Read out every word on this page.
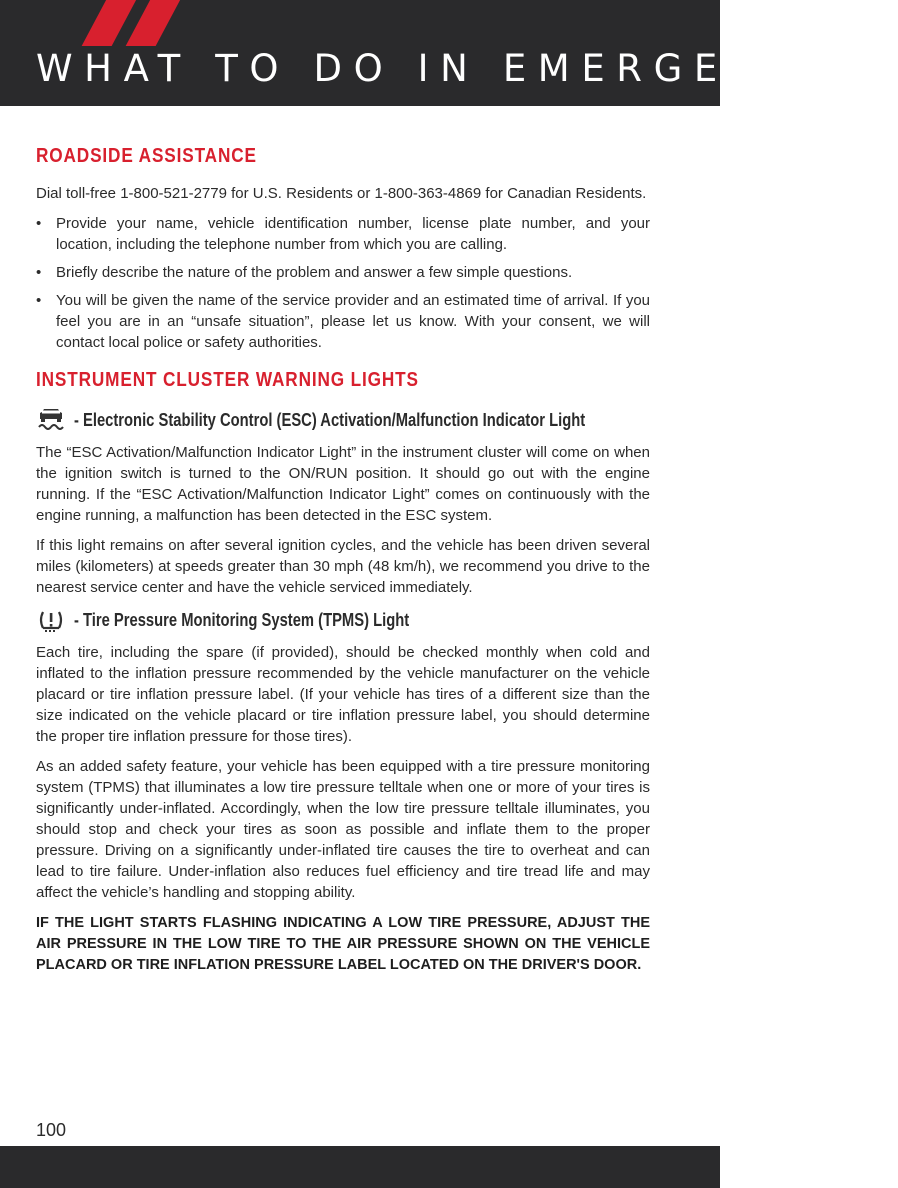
WHAT TO DO IN EMERGENCIES
ROADSIDE ASSISTANCE

Dial toll-free 1-800-521-2779 for U.S. Residents or 1-800-363-4869 for Canadian Residents.

• Provide your name, vehicle identification number, license plate number, and your location, including the telephone number from which you are calling.
• Briefly describe the nature of the problem and answer a few simple questions.
• You will be given the name of the service provider and an estimated time of arrival. If you feel you are in an “unsafe situation”, please let us know. With your consent, we will contact local police or safety authorities.
INSTRUMENT CLUSTER WARNING LIGHTS
- Electronic Stability Control (ESC) Activation/Malfunction Indicator Light

The “ESC Activation/Malfunction Indicator Light” in the instrument cluster will come on when the ignition switch is turned to the ON/RUN position. It should go out with the engine running. If the “ESC Activation/Malfunction Indicator Light” comes on continuously with the engine running, a malfunction has been detected in the ESC system.

If this light remains on after several ignition cycles, and the vehicle has been driven several miles (kilometers) at speeds greater than 30 mph (48 km/h), we recommend you drive to the nearest service center and have the vehicle serviced immediately.

- Tire Pressure Monitoring System (TPMS) Light

Each tire, including the spare (if provided), should be checked monthly when cold and inflated to the inflation pressure recommended by the vehicle manufacturer on the vehicle placard or tire inflation pressure label. (If your vehicle has tires of a different size than the size indicated on the vehicle placard or tire inflation pressure label, you should determine the proper tire inflation pressure for those tires).

As an added safety feature, your vehicle has been equipped with a tire pressure monitoring system (TPMS) that illuminates a low tire pressure telltale when one or more of your tires is significantly under-inflated. Accordingly, when the low tire pressure telltale illuminates, you should stop and check your tires as soon as possible and inflate them to the proper pressure. Driving on a significantly under-inflated tire causes the tire to overheat and can lead to tire failure. Under-inflation also reduces fuel efficiency and tire tread life and may affect the vehicle’s handling and stopping ability.

IF THE LIGHT STARTS FLASHING INDICATING A LOW TIRE PRESSURE, ADJUST THE AIR PRESSURE IN THE LOW TIRE TO THE AIR PRESSURE SHOWN ON THE VEHICLE PLACARD OR TIRE INFLATION PRESSURE LABEL LOCATED ON THE DRIVER'S DOOR.

100
